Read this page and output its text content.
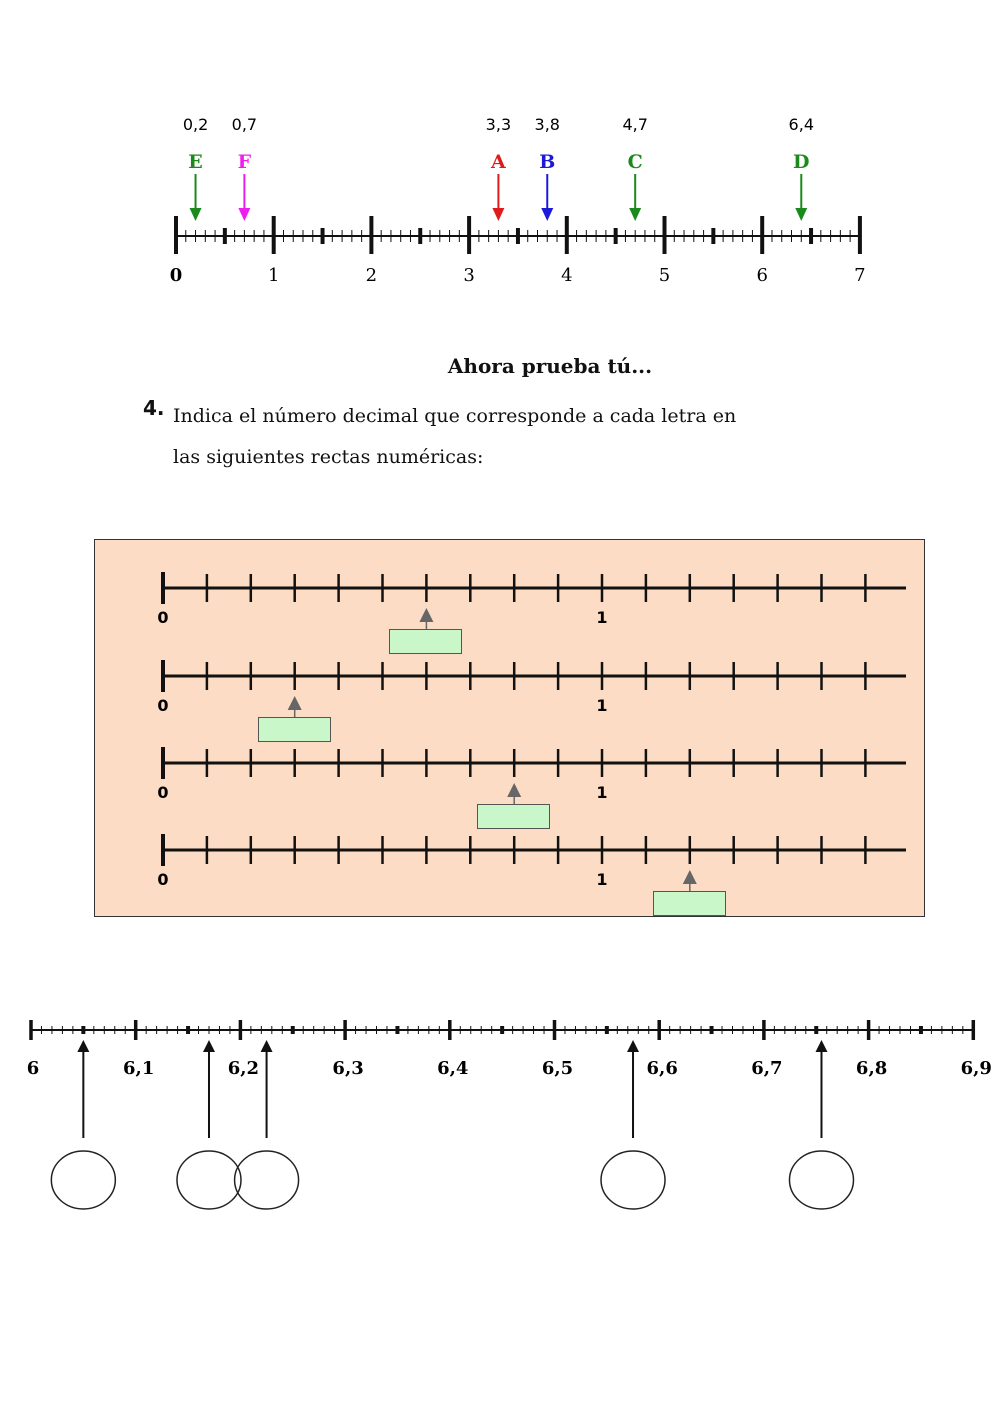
0	1	2	3	4	5	6	7
0,2
E
0,7
F
3,3
A
3,8
B
4,7
C
6,4
D
Ahora prueba tú...
4. Indica el número decimal que corresponde a cada letra en
las siguientes rectas numéricas:
0	1
0	1
0	1
0	1
6	6,1	6,2	6,3	6,4	6,5	6,6	6,7	6,8	6,9
